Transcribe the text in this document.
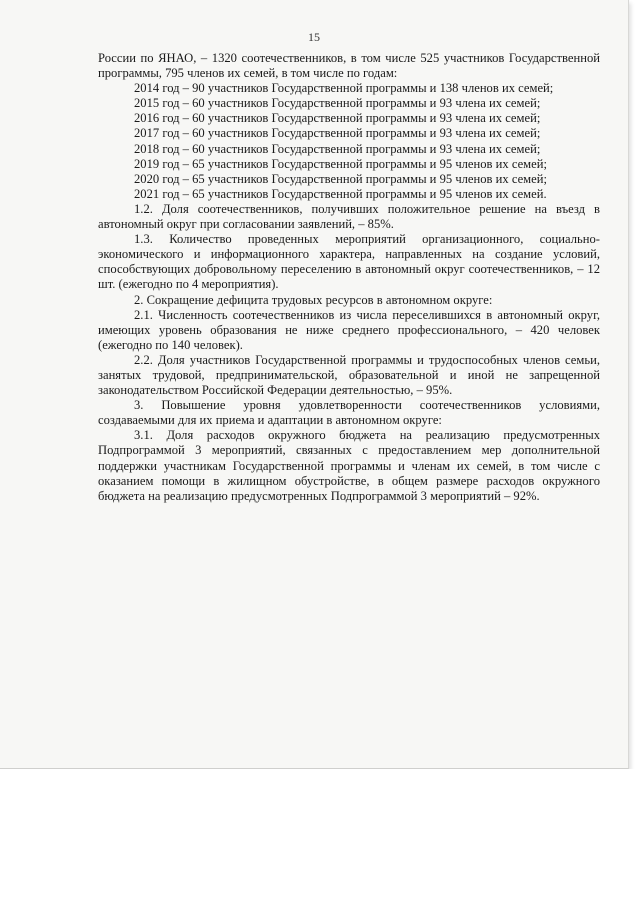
15

России по ЯНАО, – 1320 соотечественников, в том числе 525 участников Государственной программы, 795 членов их семей, в том числе по годам:

2014 год – 90 участников Государственной программы и 138 членов их семей;

2015 год – 60 участников Государственной программы и 93 члена их семей;

2016 год – 60 участников Государственной программы и 93 члена их семей;

2017 год – 60 участников Государственной программы и 93 члена их семей;

2018 год – 60 участников Государственной программы и 93 члена их семей;

2019 год – 65 участников Государственной программы и 95 членов их семей;

2020 год – 65 участников Государственной программы и 95 членов их семей;

2021 год – 65 участников Государственной программы и 95 членов их семей.

1.2. Доля соотечественников, получивших положительное решение на въезд в автономный округ при согласовании заявлений, – 85%.

1.3. Количество проведенных мероприятий организационного, социально-экономического и информационного характера, направленных на создание условий, способствующих добровольному переселению в автономный округ соотечественников, – 12 шт. (ежегодно по 4 мероприятия).

2. Сокращение дефицита трудовых ресурсов в автономном округе:

2.1. Численность соотечественников из числа переселившихся в автономный округ, имеющих уровень образования не ниже среднего профессионального, – 420 человек (ежегодно по 140 человек).

2.2. Доля участников Государственной программы и трудоспособных членов семьи, занятых трудовой, предпринимательской, образовательной и иной не запрещенной законодательством Российской Федерации деятельностью, – 95%.

3. Повышение уровня удовлетворенности соотечественников условиями, создаваемыми для их приема и адаптации в автономном округе:

3.1. Доля расходов окружного бюджета на реализацию предусмотренных Подпрограммой 3 мероприятий, связанных с предоставлением мер дополнительной поддержки участникам Государственной программы и членам их семей, в том числе с оказанием помощи в жилищном обустройстве, в общем размере расходов окружного бюджета на реализацию предусмотренных Подпрограммой 3 мероприятий – 92%.
